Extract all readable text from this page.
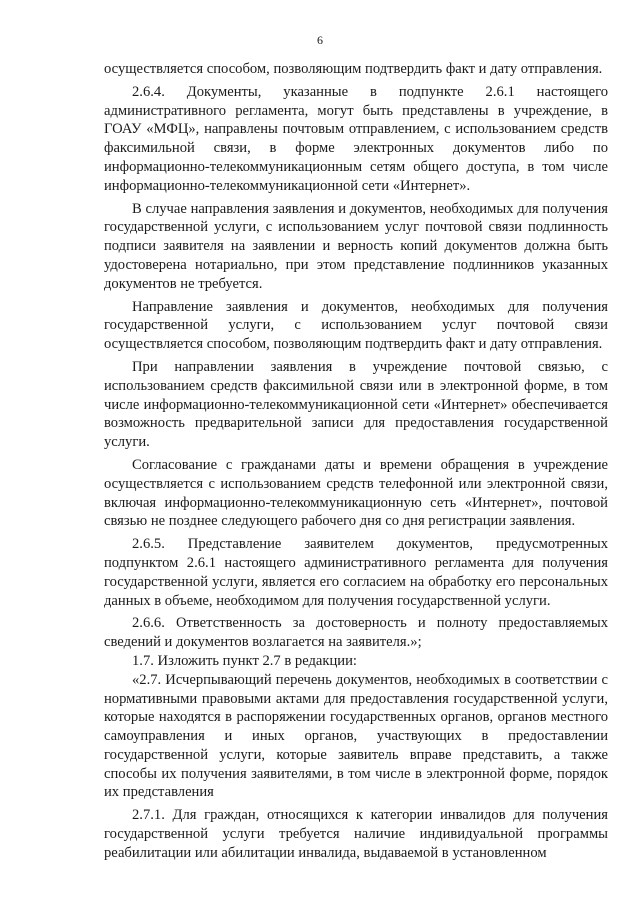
6

осуществляется способом, позволяющим подтвердить факт и дату отправления.

2.6.4. Документы, указанные в подпункте 2.6.1 настоящего административного регламента, могут быть представлены в учреждение, в ГОАУ «МФЦ», направлены почтовым отправлением, с использованием средств факсимильной связи, в форме электронных документов либо по информационно-телекоммуникационным сетям общего доступа, в том числе информационно-телекоммуникационной сети «Интернет».

В случае направления заявления и документов, необходимых для получения государственной услуги, с использованием услуг почтовой связи подлинность подписи заявителя на заявлении и верность копий документов должна быть удостоверена нотариально, при этом представление подлинников указанных документов не требуется.

Направление заявления и документов, необходимых для получения государственной услуги, с использованием услуг почтовой связи осуществляется способом, позволяющим подтвердить факт и дату отправления.

При направлении заявления в учреждение почтовой связью, с использованием средств факсимильной связи или в электронной форме, в том числе информационно-телекоммуникационной сети «Интернет» обеспечивается возможность предварительной записи для предоставления государственной услуги.

Согласование с гражданами даты и времени обращения в учреждение осуществляется с использованием средств телефонной или электронной связи, включая информационно-телекоммуникационную сеть «Интернет», почтовой связью не позднее следующего рабочего дня со дня регистрации заявления.

2.6.5. Представление заявителем документов, предусмотренных подпунктом 2.6.1 настоящего административного регламента для получения государственной услуги, является его согласием на обработку его персональных данных в объеме, необходимом для получения государственной услуги.

2.6.6. Ответственность за достоверность и полноту предоставляемых сведений и документов возлагается на заявителя.»;

1.7. Изложить пункт 2.7 в редакции:

«2.7. Исчерпывающий перечень документов, необходимых в соответствии с нормативными правовыми актами для предоставления государственной услуги, которые находятся в распоряжении государственных органов, органов местного самоуправления и иных органов, участвующих в предоставлении государственной услуги, которые заявитель вправе представить, а также способы их получения заявителями, в том числе в электронной форме, порядок их представления

2.7.1. Для граждан, относящихся к категории инвалидов для получения государственной услуги требуется наличие индивидуальной программы реабилитации или абилитации инвалида, выдаваемой в установленном
